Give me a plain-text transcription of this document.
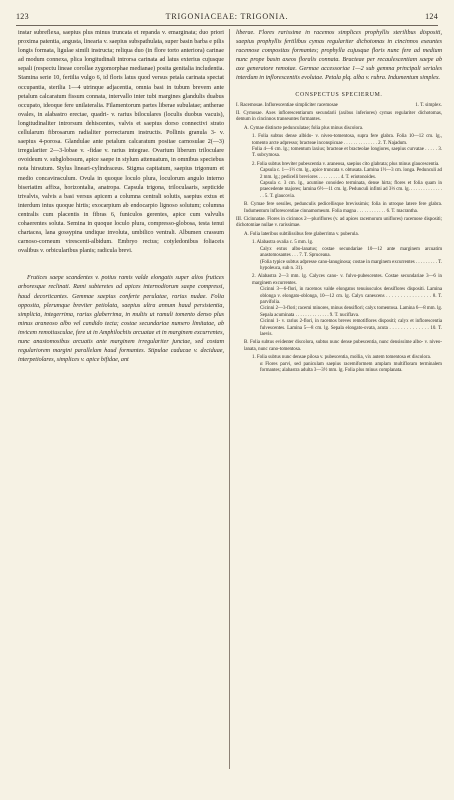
123	TRIGONIACEAE: TRIGONIA.	124

instar subreflexa, saepius plus minus truncata et repanda v. emarginata; duo priori proxima patentia, angusta, linearia v. saepius subspathulata, super basin barba e pilis longis formata, ligulae simili instructa; reliqua duo (in flore torto anteriora) carinae ad modum connexa, plica longitudinali introrsa carinata ad latus exterius cujusque sepali (respectu lineae corollae zygomorphae medianae) posita genitalia includentia. Stamina serie 10, fertilia vulgo 6, id floris latus quod versus petala carinata spectat occupantia, sterilia 1—4 utrinque adjacentia, omnia basi in tubum brevem ante petalum calcaratum fissum connata, intervallo inter tubi margines glandulis duabus occupato, ideoque fere unilateralia. Filamentorum partes liberae subulatae; antherae ovales, in alabastro erectae, quadri- v. rarius biloculares (loculis duobus vacuis), longitudinaliter introrsum dehiscentes, valvis et saepius dorso connectivi strato cellularum fibrosarum radialiter porrectarum instructis. Pollinis granula 3- v. saepius 4-porosa. Glandulae ante petalum calcaratum positae carnosulae 2(—3) irregulariter 2—3-lobae v. -fidae v. rarius integrae. Ovarium liberum triloculare ovoideum v. subglobosum, apice saepe in stylum attenuatum, in omnibus speciebus nota hirsutum. Stylus lineari-cylindraceus. Stigma capitatum, saepius trigonum et medio concavinsculum. Ovula in quoque loculo plura, loculorum angulo interno biseriatim affixa, horizontalia, anatropa. Capsula trigona, triloculaaris, septicide trivalvis, valvis a basi versus apicem a columna centrali solutis, saepius extus et interdum intus quoque hirtis; exocarpium ab endocarpio lignoso solutum; columna centralis cum placentis in fibras 6, funiculos gerentes, apice cum valvulis cohaerentes soluta. Semina in quoque loculo plura, compresso-globosa, testa tenui chartacea, lana gossypina undique involuta, umbilico ventrali. Albumen crassum carnoso-corneum virescenti-albidum. Embryo rectus; cotyledonibus foliaceis ovalibus v. orbicularibus planis; radicula brevi.

Frutices saepe scandentes v. potius ramis valde elongatis super alios frutices arboresque reclinati. Rami subteretes ad apices internodiorum saepe compressi, haud decorticantes. Gemmae saepius conferte perulatae, rarius nudae. Folia opposita, plerumque breviter petiolata, saepius ultra annum haud persistentia, simplicia, integerrima, rarius glaberrima, in multis ut ramuli tomento denso plus minus araneoso albo vel candido tecta; costae secundariae numero limitatae, ab invicem remotiusculae, fere ut in Amphilochiis arcuatae et in marginem excurrentes, nunc anastomosibus arcuatis ante marginem irregulariter junctae, sed costam regulariorem margini parallelam haud formantes. Stipulae caducae v. deciduae, interpetiolares, simplices v. apice bifidae, ant

liberae. Flores rarissime in racemos simplices prophyllis sterilibus dispositi, saepius prophyllis fertilibus cymas regulariter dichotomas in cincinnos exeuntes racemose compositas formantes; prophylla cujusque floris nunc fere ad medium nunc prope basin axeos floralis connata. Bracteae per recaulescentiam saepe ab axe generatore remotae. Germae accessoriae 1—2 sub gemma principali seriales interdum in inflorescentiis evolutae. Petala plq. alba v. rubra. Indumentum simplex.

CONSPECTUS SPECIERUM.

I. Racemosae. Inflorescentiae simpliciter racemosae	1. T. simplex.

II. Cymosae. Axes inflorescentiarum secundarii (axibus inferiores) cymas regulariter dichotomas, demum in cincinnos transeuntes formantes.

A. Cymae distincte pedunculatae; folia plus minus discolora.

1. Folia subtus dense albido- v. niveo-tomentosa, supra fere glabra. Folia 10—12 cm. lg., tomento arcte adpresso; bracteae inconspicuae . . . . . . . . . . . . . . 2. T. Najadum.

Folia 4—6 cm. lg.; tomentum laxius; bracteae et bracteolae longiores, saepius curvatae . . . . . 3. T. subcymosa.

2. Folia subtus breviter pubescentia v. araneosa, saepius cito glabrata; plus minus glaucescentia.

Capsula c. 1—1½ cm. lg., apice truncata v. obtusata. Lamina 1½—3 cm. longa. Pedunculi ad 2 mm. lg.; pedicelli breviores . . . . . . . . . 4. T. eriotonoides.

Capsula c. 3 cm. lg., acumine conoideo terminata, dense hirta; flores et folia quam in praecedente majores; lamina 6½—11 cm. lg. Pedunculi infimi ad 3⅓ cm. lg. . . . . . . . . . . . . . . . 5. T. glaucovia.

B. Cymae fere sessiles, pedunculis pedicellisque brevissimis; folia in utroque latere fere glabra. Indumentum inflorescentiae cinnamomeum. Folia magna . . . . . . . . . . . . 6. T. macrantha.

III. Cicinnatae. Flores in cicinnos 2—pluriflores (v. ad apices racemorum uniflores) racemose dispositi; dichotomiae nullae v. rarissimae.

A. Folia lateribus subtilissibus fere glaberrima v. puberula.

1. Alabastra ovalia c. 5 mm. lg.

Calyx extus albo-lanatus; costae secundariae 10—12 ante marginem arcuatim anastomosantes . . . 7. T. Spruceana.

(Folia typice subtus adpresse cano-lanuginosa; costae in marginem excurrentes . . . . . . . . . T. hypoleuca, sub n. 31).

2. Alabastra 2—3 mm. lg. Calyces cano- v. fulvo-pubescentes. Costae secundariae 3—6 in marginem excurrentes.

Cicinni 3—6-flori, in racemos valde elongatos tenuiusculos densiflores dispositi. Lamina oblonga v. elongato-oblonga, 10—12 cm. lg. Calyx canescens . . . . . . . . . . . . . . . . 8. T. parvifolia.

Cicinni 2—3-flori; racemi minores, minus densiflori; calyx tomentosa. Lamina 6—8 mm. lg. Sepala acuminata . . . . . . . . . . . . . . 9. T. nuciflava.

Cicinni 1- v. rarius 2-flori, in racemos breves remotiflores dispositi; calyx et inflorescentia fulvescentes. Lamina 5—8 cm. lg. Sepala elongato-ovata, acuta . . . . . . . . . . . . . . 10. T. laevis.

B. Folia subtus evidenter discolora, subtus nunc dense pubescentia, nunc densissime albo- v. niveo-lanata, nunc cano-tomentosa.

1. Folia subtus nunc densae pilosa v. pubescentia, mollia, vix autem tomentosa et discolora.

α Flores parvi, sed paniculam saepius racemiformem amplam multifloram terminalem formantes; alabastra adulta 3—3½ mm. lg. Folia plus minus complanata.
